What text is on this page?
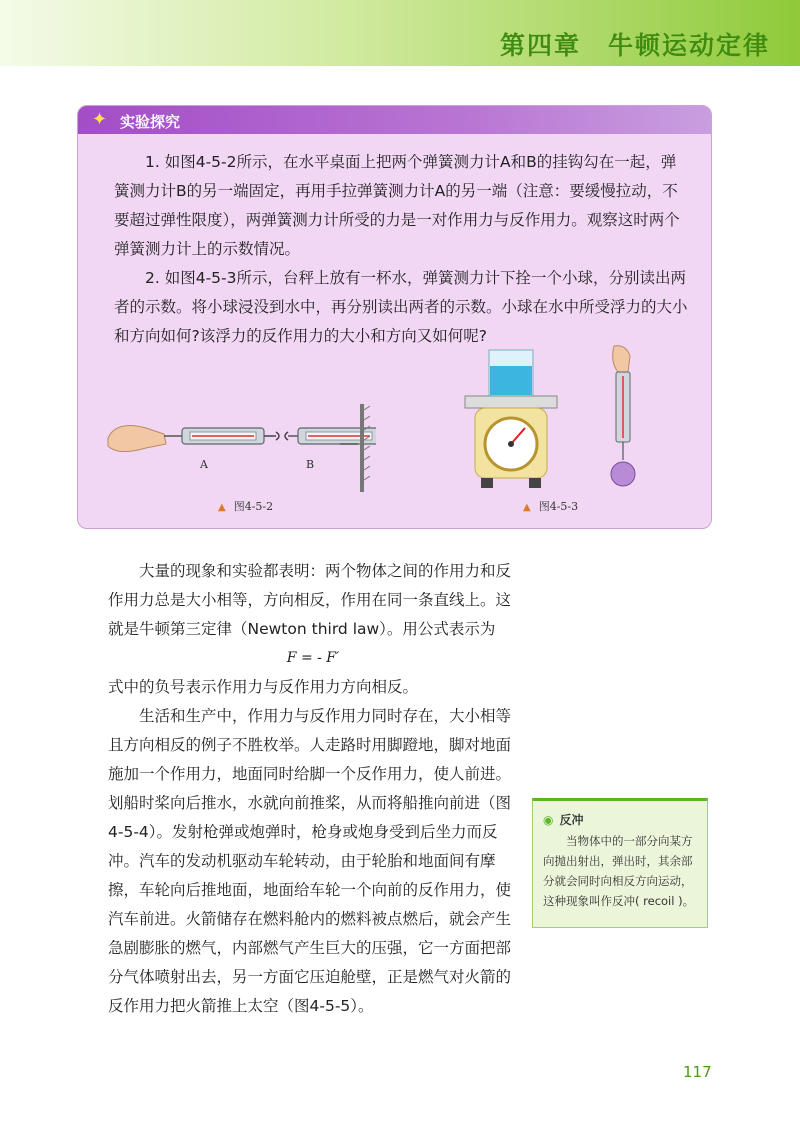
第四章　牛顿运动定律
✦ 实验探究

1. 如图4-5-2所示，在水平桌面上把两个弹簧测力计A和B的挂钩勾在一起，弹簧测力计B的另一端固定，再用手拉弹簧测力计A的另一端（注意：要缓慢拉动，不要超过弹性限度），两弹簧测力计所受的力是一对作用力与反作用力。观察这时两个弹簧测力计上的示数情况。

2. 如图4-5-3所示，台秤上放有一杯水，弹簧测力计下拴一个小球，分别读出两者的示数。将小球浸没到水中，再分别读出两者的示数。小球在水中所受浮力的大小和方向如何?该浮力的反作用力的大小和方向又如何呢?

A	B
▲ 图4-5-2	▲ 图4-5-3

大量的现象和实验都表明：两个物体之间的作用力和反作用力总是大小相等，方向相反，作用在同一条直线上。这就是牛顿第三定律（Newton third law）。用公式表示为

F = - F′

式中的负号表示作用力与反作用力方向相反。

生活和生产中，作用力与反作用力同时存在，大小相等且方向相反的例子不胜枚举。人走路时用脚蹬地，脚对地面施加一个作用力，地面同时给脚一个反作用力，使人前进。划船时桨向后推水，水就向前推桨，从而将船推向前进（图4-5-4）。发射枪弹或炮弹时，枪身或炮身受到后坐力而反冲。汽车的发动机驱动车轮转动，由于轮胎和地面间有摩擦，车轮向后推地面，地面给车轮一个向前的反作用力，使汽车前进。火箭储存在燃料舱内的燃料被点燃后，就会产生急剧膨胀的燃气，内部燃气产生巨大的压强，它一方面把部分气体喷射出去，另一方面它压迫舱壁，正是燃气对火箭的反作用力把火箭推上太空（图4-5-5）。

◉ 反冲
当物体中的一部分向某方向抛出射出，弹出时，其余部分就会同时向相反方向运动，这种现象叫作反冲( recoil )。
117
